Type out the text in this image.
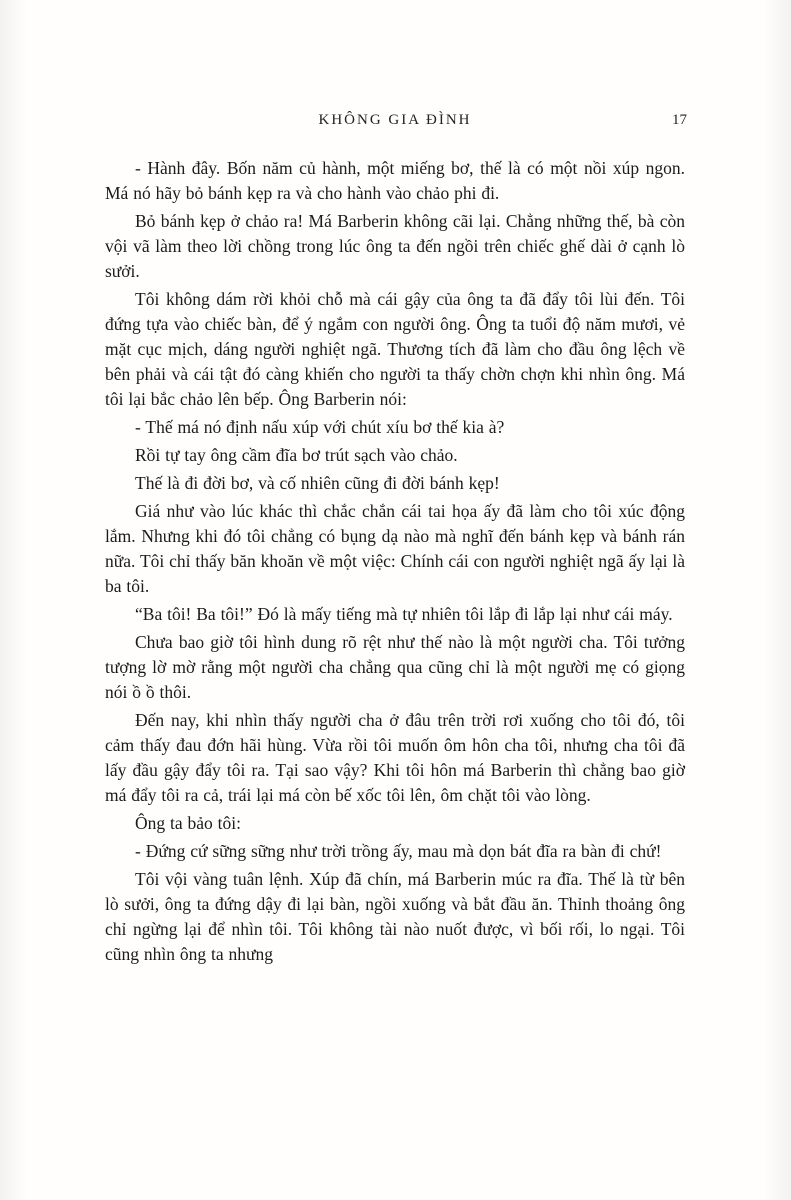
KHÔNG GIA ĐÌNH	17

- Hành đây. Bốn năm củ hành, một miếng bơ, thế là có một nồi xúp ngon. Má nó hãy bỏ bánh kẹp ra và cho hành vào chảo phi đi.

Bỏ bánh kẹp ở chảo ra! Má Barberin không cãi lại. Chẳng những thế, bà còn vội vã làm theo lời chồng trong lúc ông ta đến ngồi trên chiếc ghế dài ở cạnh lò sưởi.

Tôi không dám rời khỏi chỗ mà cái gậy của ông ta đã đẩy tôi lùi đến. Tôi đứng tựa vào chiếc bàn, để ý ngắm con người ông. Ông ta tuổi độ năm mươi, vẻ mặt cục mịch, dáng người nghiệt ngã. Thương tích đã làm cho đầu ông lệch về bên phải và cái tật đó càng khiến cho người ta thấy chờn chợn khi nhìn ông. Má tôi lại bắc chảo lên bếp. Ông Barberin nói:

- Thế má nó định nấu xúp với chút xíu bơ thế kia à?

Rồi tự tay ông cầm đĩa bơ trút sạch vào chảo.

Thế là đi đời bơ, và cố nhiên cũng đi đời bánh kẹp!

Giá như vào lúc khác thì chắc chắn cái tai họa ấy đã làm cho tôi xúc động lắm. Nhưng khi đó tôi chẳng có bụng dạ nào mà nghĩ đến bánh kẹp và bánh rán nữa. Tôi chỉ thấy băn khoăn về một việc: Chính cái con người nghiệt ngã ấy lại là ba tôi.

“Ba tôi! Ba tôi!” Đó là mấy tiếng mà tự nhiên tôi lắp đi lắp lại như cái máy.

Chưa bao giờ tôi hình dung rõ rệt như thế nào là một người cha. Tôi tưởng tượng lờ mờ rằng một người cha chẳng qua cũng chỉ là một người mẹ có giọng nói ồ ồ thôi.

Đến nay, khi nhìn thấy người cha ở đâu trên trời rơi xuống cho tôi đó, tôi cảm thấy đau đớn hãi hùng. Vừa rồi tôi muốn ôm hôn cha tôi, nhưng cha tôi đã lấy đầu gậy đẩy tôi ra. Tại sao vậy? Khi tôi hôn má Barberin thì chẳng bao giờ má đẩy tôi ra cả, trái lại má còn bế xốc tôi lên, ôm chặt tôi vào lòng.

Ông ta bảo tôi:

- Đứng cứ sững sững như trời trồng ấy, mau mà dọn bát đĩa ra bàn đi chứ!

Tôi vội vàng tuân lệnh. Xúp đã chín, má Barberin múc ra đĩa. Thế là từ bên lò sưởi, ông ta đứng dậy đi lại bàn, ngồi xuống và bắt đầu ăn. Thỉnh thoảng ông chỉ ngừng lại để nhìn tôi. Tôi không tài nào nuốt được, vì bối rối, lo ngại. Tôi cũng nhìn ông ta nhưng
